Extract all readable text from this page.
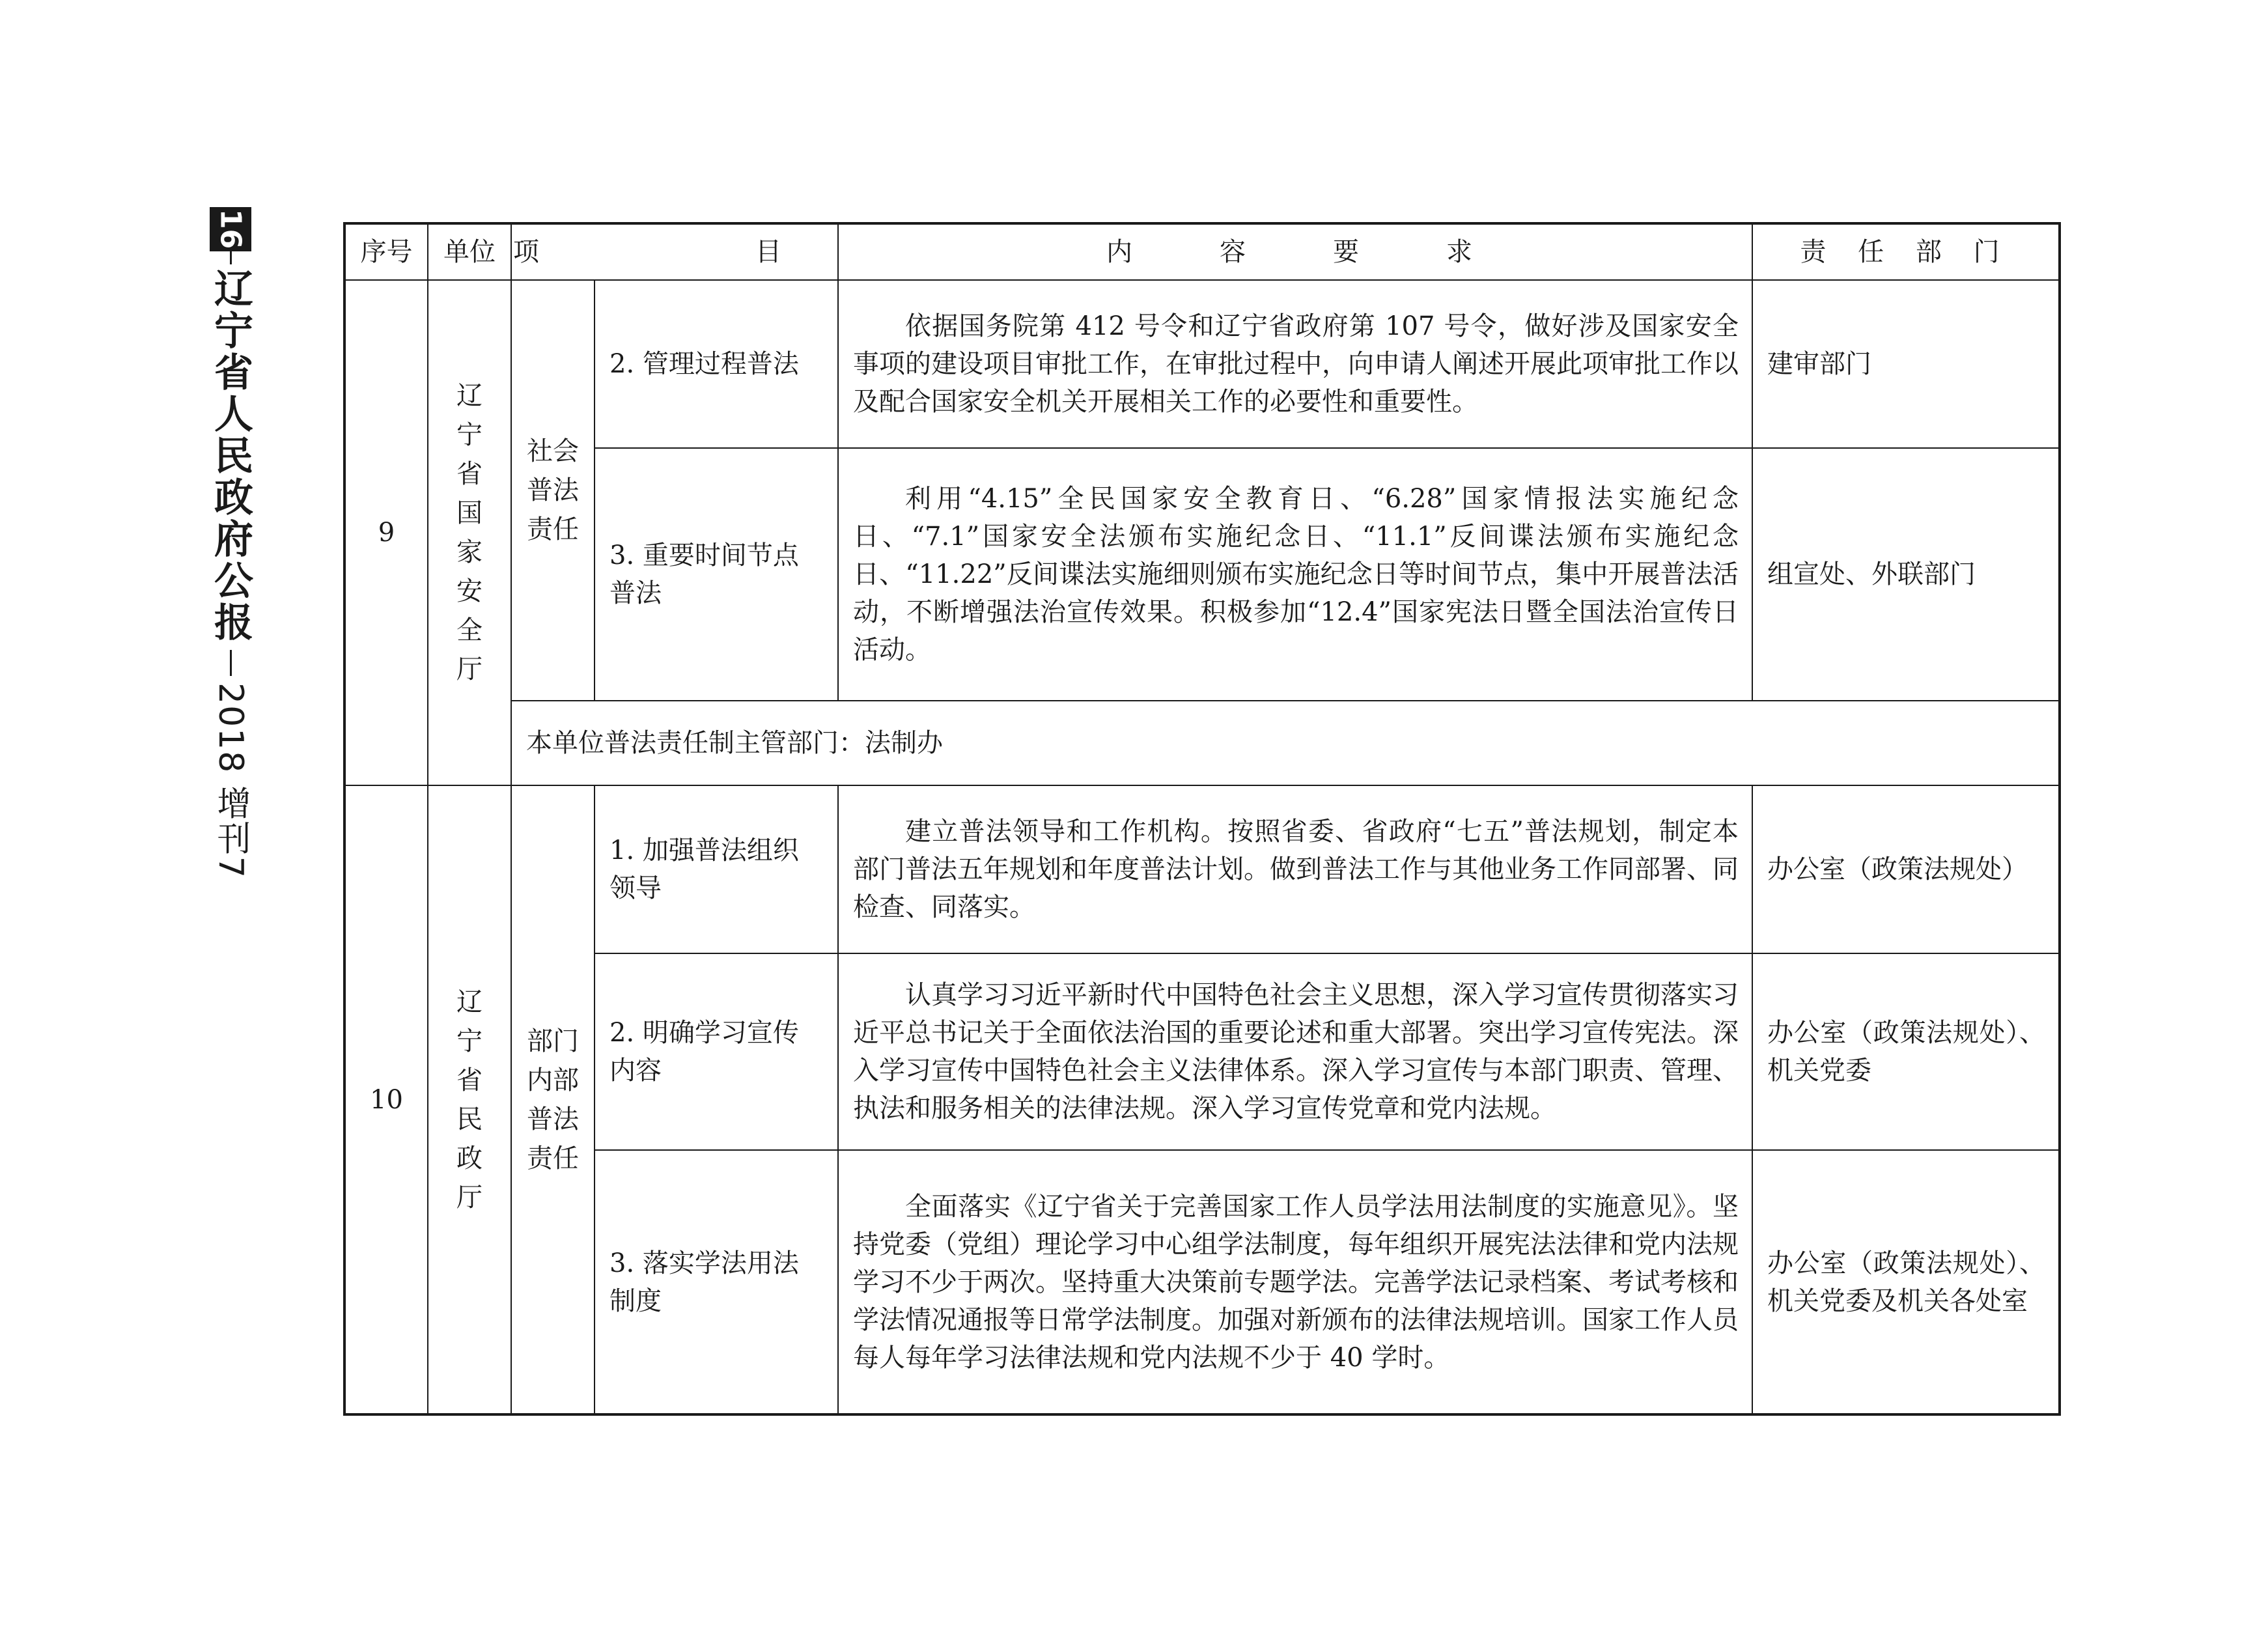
16
辽宁省人民政府公报
2018 增刊7
序号	单位	项　　目		内　　容　　要　　求	责 任 部 门
9	辽宁省国家安全厅	社会普法责任	2. 管理过程普法	依据国务院第 412 号令和辽宁省政府第 107 号令，做好涉及国家安全事项的建设项目审批工作，在审批过程中，向申请人阐述开展此项审批工作以及配合国家安全机关开展相关工作的必要性和重要性。	建审部门
			3. 重要时间节点普法	利用“4.15”全民国家安全教育日、“6.28”国家情报法实施纪念日、“7.1”国家安全法颁布实施纪念日、“11.1”反间谍法颁布实施纪念日、“11.22”反间谍法实施细则颁布实施纪念日等时间节点，集中开展普法活动，不断增强法治宣传效果。积极参加“12.4”国家宪法日暨全国法治宣传日活动。	组宣处、外联部门
		本单位普法责任制主管部门：法制办			
10	辽宁省民政厅	部门内部普法责任	1. 加强普法组织领导	建立普法领导和工作机构。按照省委、省政府“七五”普法规划，制定本部门普法五年规划和年度普法计划。做到普法工作与其他业务工作同部署、同检查、同落实。	办公室（政策法规处）
			2. 明确学习宣传内容	认真学习习近平新时代中国特色社会主义思想，深入学习宣传贯彻落实习近平总书记关于全面依法治国的重要论述和重大部署。突出学习宣传宪法。深入学习宣传中国特色社会主义法律体系。深入学习宣传与本部门职责、管理、执法和服务相关的法律法规。深入学习宣传党章和党内法规。	办公室（政策法规处）、机关党委
			3. 落实学法用法制度	全面落实《辽宁省关于完善国家工作人员学法用法制度的实施意见》。坚持党委（党组）理论学习中心组学法制度，每年组织开展宪法法律和党内法规学习不少于两次。坚持重大决策前专题学法。完善学法记录档案、考试考核和学法情况通报等日常学法制度。加强对新颁布的法律法规培训。国家工作人员每人每年学习法律法规和党内法规不少于 40 学时。	办公室（政策法规处）、机关党委及机关各处室
